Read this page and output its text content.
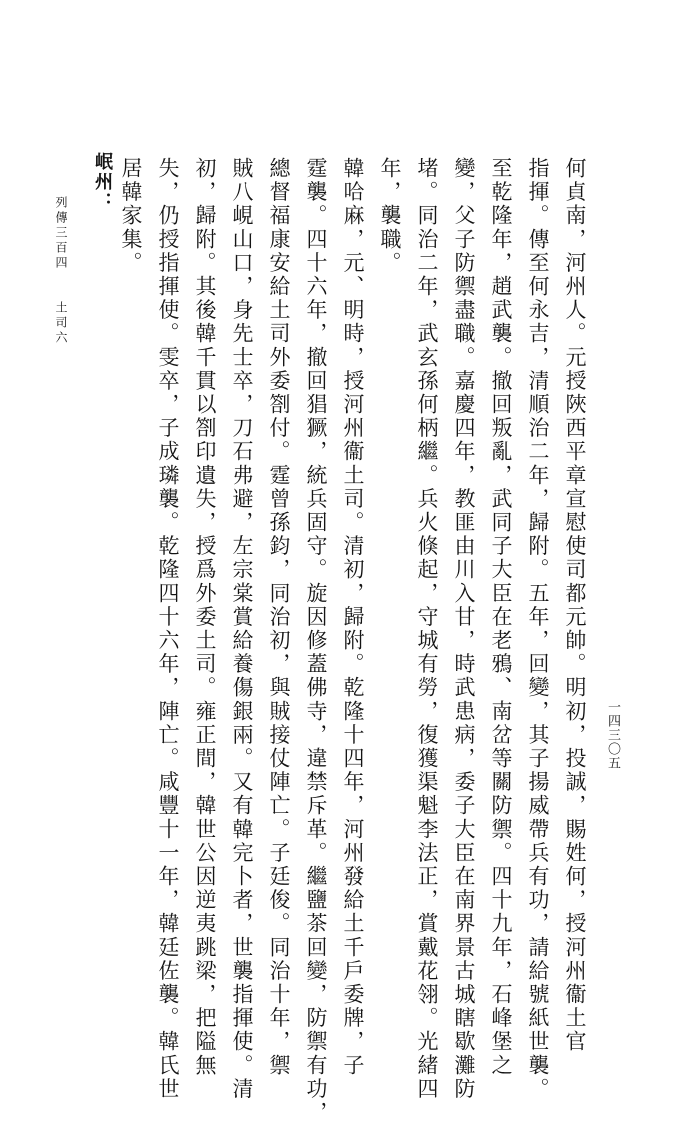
一四三〇五
何貞南，河州人。元授陜西平章宣慰使司都元帥。明初，投誠，賜姓何，授河州衞土官
指揮。傳至何永吉，清順治二年，歸附。五年，回變，其子揚威帶兵有功，請給號紙世襲。
至乾隆年，趙武襲。撤回叛亂，武同子大臣在老鴉、南岔等關防禦。四十九年，石峰堡之
變，父子防禦盡職。嘉慶四年，教匪由川入甘，時武患病，委子大臣在南界景古城瞎歇灘防
堵。同治二年，武玄孫何柄繼。兵火倏起，守城有勞，復獲渠魁李法正，賞戴花翎。光緒四
年，襲職。
韓哈麻，元、明時，授河州衞土司。清初，歸附。乾隆十四年，河州發給土千戶委牌，子
霆襲。四十六年，撤回猖獗，統兵固守。旋因修蓋佛寺，違禁斥革。繼鹽茶回變，防禦有功，
總督福康安給土司外委劄付。霆曾孫鈞，同治初，與賊接仗陣亡。子廷俊。同治十年，禦
賊八峴山口，身先士卒，刀石弗避，左宗棠賞給養傷銀兩。又有韓完卜者，世襲指揮使。清
初，歸附。其後韓千貫以劄印遺失，授爲外委土司。雍正間，韓世公因逆夷跳梁，把隘無
失，仍授指揮使。雯卒，子成璘襲。乾隆四十六年，陣亡。咸豐十一年，韓廷佐襲。韓氏世
居韓家集。
岷州：
列傳三百四　　土司六
